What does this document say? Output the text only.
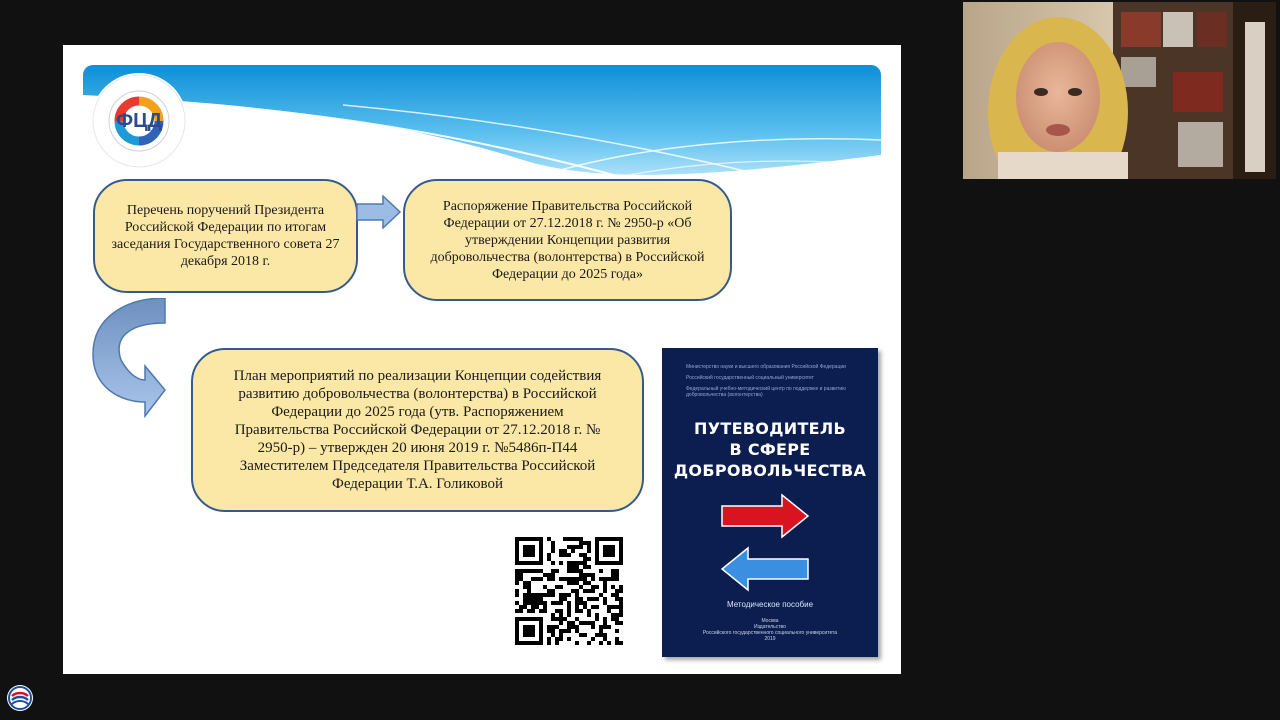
ФЦД
Перечень поручений Президента Российской Федерации по итогам заседания Государственного совета 27 декабря 2018 г.
Распоряжение Правительства Российской Федерации от 27.12.2018 г. № 2950-р «Об утверждении Концепции развития добровольчества (волонтерства) в Российской Федерации до 2025 года»
План мероприятий по реализации Концепции содействия развитию добровольчества (волонтерства) в Российской Федерации до 2025 года (утв. Распоряжением Правительства Российской Федерации от 27.12.2018 г. № 2950-р) – утвержден 20 июня 2019 г. №5486п-П44 Заместителем Председателя Правительства Российской Федерации Т.А. Голиковой
Министерство науки и высшего образования Российской Федерации
Российский государственный социальный университет
Федеральный учебно-методический центр по поддержке и развитию добровольчества (волонтерства)
ПУТЕВОДИТЕЛЬ
В СФЕРЕ
ДОБРОВОЛЬЧЕСТВА
Методическое пособие
Москва
Издательство
Российского государственного социального университета
2019
